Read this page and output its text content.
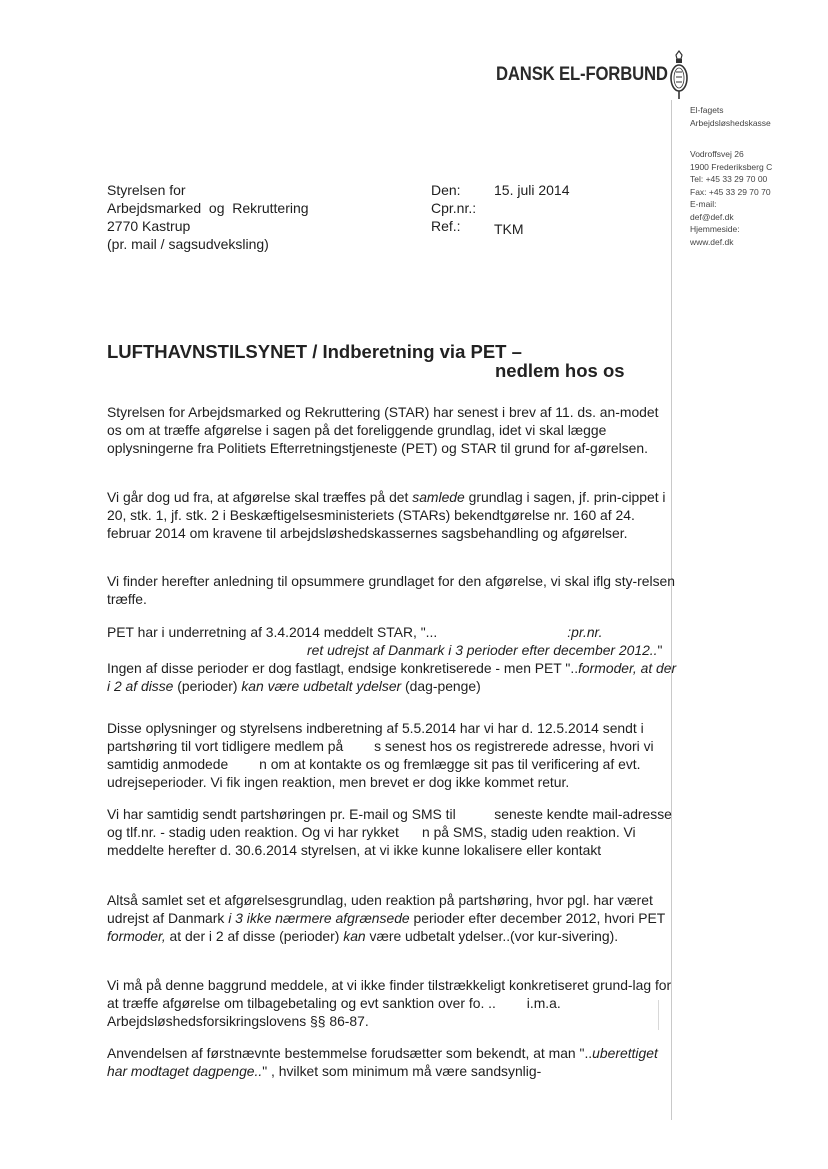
DANSK EL-FORBUND
El-fagets
Arbejdsløshedskasse
Vodroffsvej 26
1900 Frederiksberg C
Tel: +45 33 29 70 00
Fax: +45 33 29 70 70
E-mail:
def@def.dk
Hjemmeside:
www.def.dk
Styrelsen for
Arbejdsmarked  og  Rekruttering
2770 Kastrup
(pr. mail / sagsudveksling)
Den:
Cpr.nr.:
Ref.:
15. juli 2014

TKM
LUFTHAVNSTILSYNET / Indberetning via PET –

nedlem hos os

Styrelsen for Arbejdsmarked og Rekruttering (STAR) har senest i brev af 11. ds. an-modet os om at træffe afgørelse i sagen på det foreliggende grundlag, idet vi skal lægge oplysningerne fra Politiets Efterretningstjeneste (PET) og STAR til grund for af-gørelsen.

Vi går dog ud fra, at afgørelse skal træffes på det samlede grundlag i sagen, jf. prin-cippet i 20, stk. 1, jf. stk. 2 i Beskæftigelsesministeriets (STARs) bekendtgørelse nr. 160 af 24. februar 2014 om kravene til arbejdsløshedskassernes sagsbehandling og afgørelser.

Vi finder herefter anledning til opsummere grundlaget for den afgørelse, vi skal iflg sty-relsen træffe.

PET har i underretning af 3.4.2014 meddelt STAR, "...	:pr.nr.ret udrejst af Danmark i 3 perioder efter december 2012.." Ingen af disse perioder er dog fastlagt, endsige konkretiserede - men PET "..formoder, at der i 2 af disse (perioder) kan være udbetalt ydelser (dag-penge)

Disse oplysninger og styrelsens indberetning af 5.5.2014 har vi har d. 12.5.2014 sendt i partshøring til vort tidligere medlem på        s senest hos os registrerede adresse, hvori vi samtidig anmodede        n om at kontakte os og fremlægge sit pas til verificering af evt. udrejseperioder. Vi fik ingen reaktion, men brevet er dog ikke kommet retur.

Vi har samtidig sendt partshøringen pr. E-mail og SMS til          seneste kendte mail-adresse og tlf.nr. - stadig uden reaktion. Og vi har rykket      n på SMS, stadig uden reaktion. Vi meddelte herefter d. 30.6.2014 styrelsen, at vi ikke kunne lokalisere eller kontakt

Altså samlet set et afgørelsesgrundlag, uden reaktion på partshøring, hvor pgl. har været udrejst af Danmark i 3 ikke nærmere afgrænsede perioder efter december 2012, hvori PET formoder, at der i 2 af disse (perioder) kan være udbetalt ydelser..(vor kur-sivering).

Vi må på denne baggrund meddele, at vi ikke finder tilstrækkeligt konkretiseret grund-lag for at træffe afgørelse om tilbagebetaling og evt sanktion over fo. ..        i.m.a. Arbejdsløshedsforsikringslovens §§ 86-87.

Anvendelsen af førstnævnte bestemmelse forudsætter som bekendt, at man "..uberettiget har modtaget dagpenge.." , hvilket som minimum må være sandsynlig-
